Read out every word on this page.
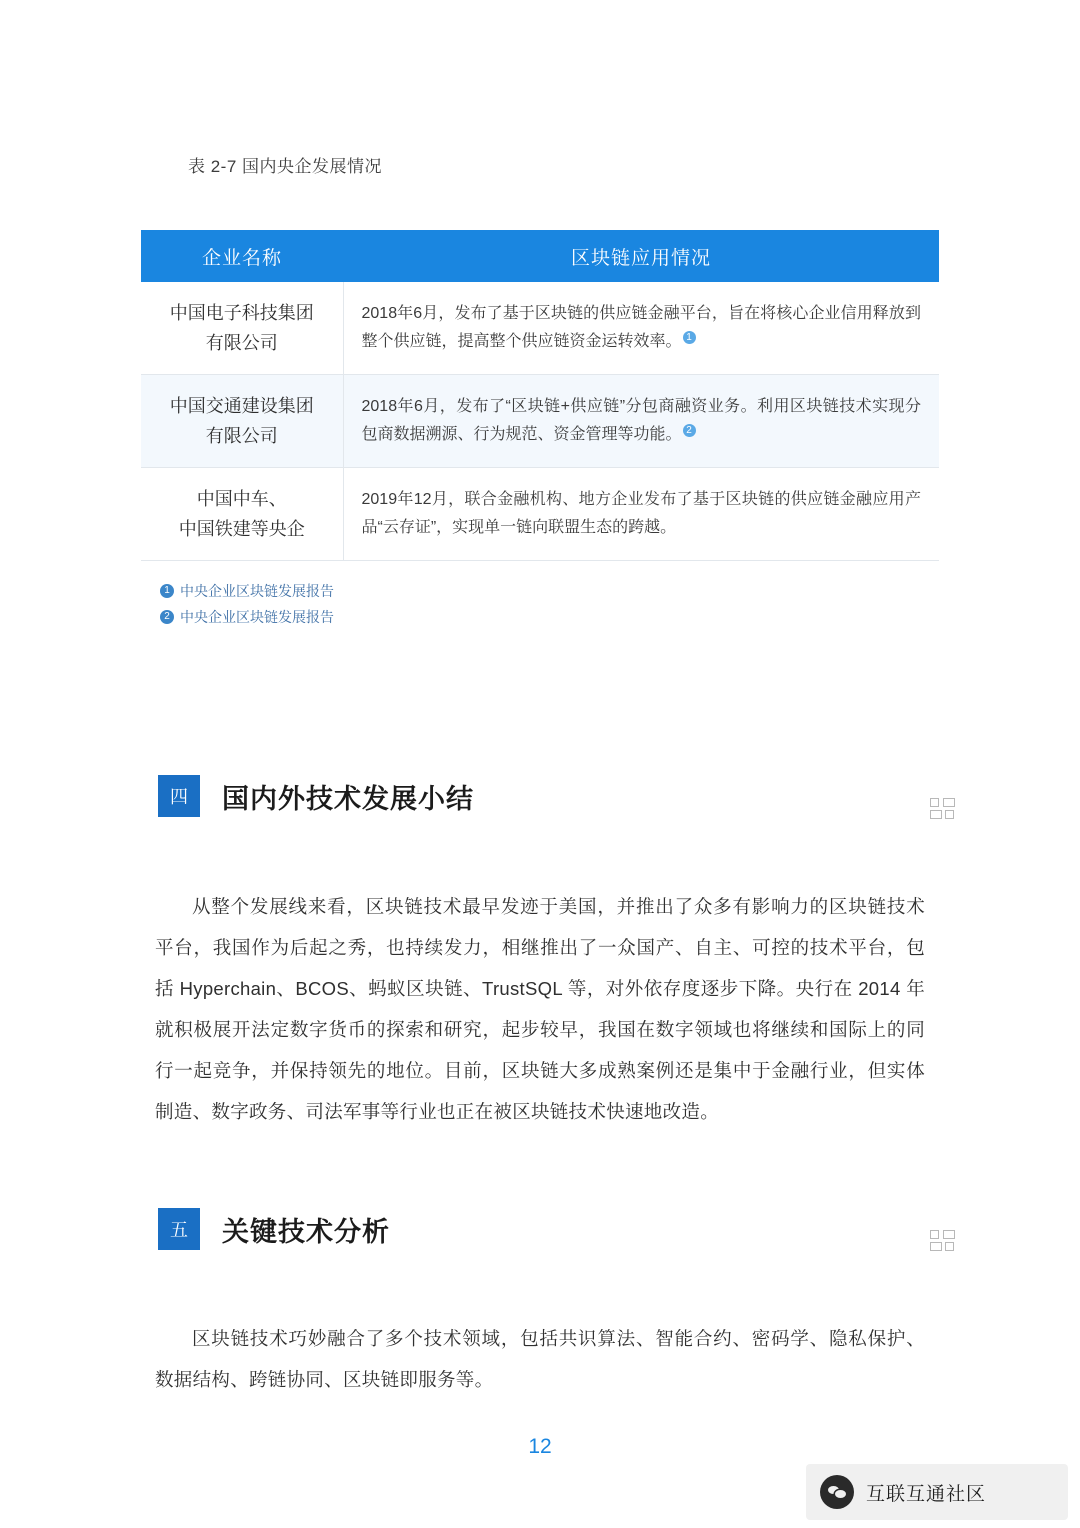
表 2-7 国内央企发展情况
企业名称	区块链应用情况

中国电子科技集团
有限公司	2018年6月，发布了基于区块链的供应链金融平台，旨在将核心企业信用释放到整个供应链，提高整个供应链资金运转效率。 1

中国交通建设集团
有限公司	2018年6月，发布了“区块链+供应链”分包商融资业务。利用区块链技术实现分包商数据溯源、行为规范、资金管理等功能。 2

中国中车、
中国铁建等央企	2019年12月，联合金融机构、地方企业发布了基于区块链的供应链金融应用产品“云存证”，实现单一链向联盟生态的跨越。
1 中央企业区块链发展报告
2 中央企业区块链发展报告
四	国内外技术发展小结
从整个发展线来看，区块链技术最早发迹于美国，并推出了众多有影响力的区块链技术平台，我国作为后起之秀，也持续发力，相继推出了一众国产、自主、可控的技术平台，包括 Hyperchain、BCOS、蚂蚁区块链、TrustSQL 等，对外依存度逐步下降。央行在 2014 年就积极展开法定数字货币的探索和研究，起步较早，我国在数字领域也将继续和国际上的同行一起竞争，并保持领先的地位。目前，区块链大多成熟案例还是集中于金融行业，但实体制造、数字政务、司法军事等行业也正在被区块链技术快速地改造。
五	关键技术分析
区块链技术巧妙融合了多个技术领域，包括共识算法、智能合约、密码学、隐私保护、数据结构、跨链协同、区块链即服务等。
12
互联互通社区
